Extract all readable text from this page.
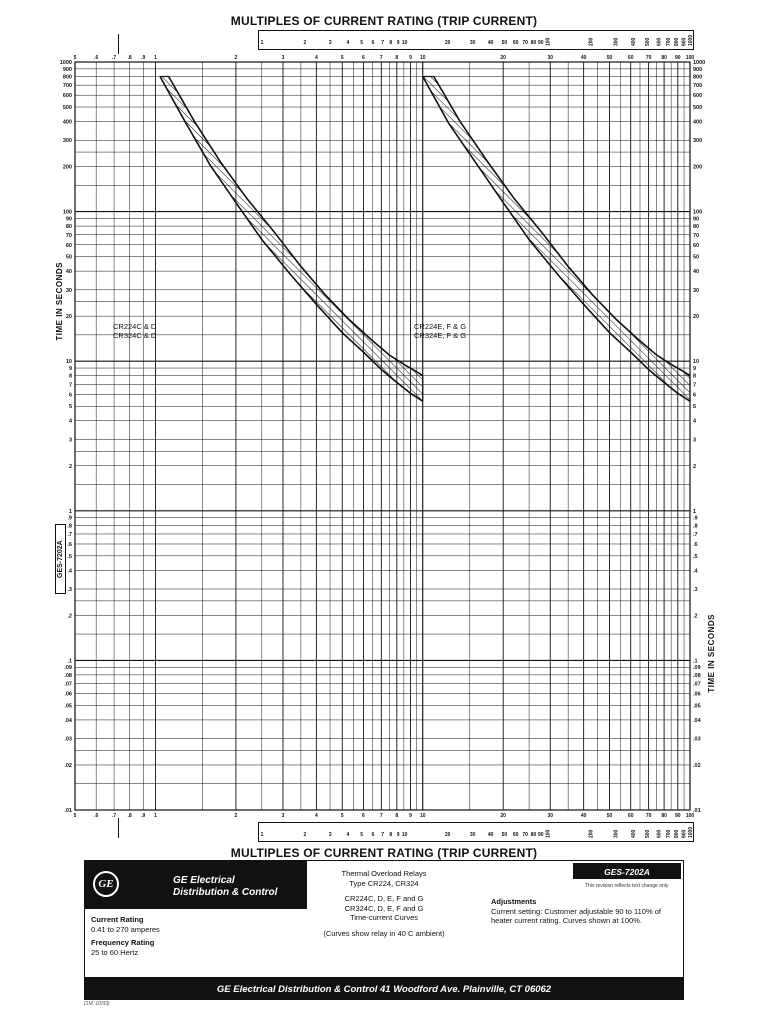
MULTIPLES OF CURRENT RATING (TRIP CURRENT)
1	2	3	4 5 6 7 8 9 10	20	30 40 50 60 70 80 90 100	200	300 400 500 600 700 800 900 1000
1000
900
800
700
600
500
400
300
200
100
90
80
70
60
50
40
30
20
10
9
8
7
6
5
4
3
2
1
.9
.8
.7
.6
.5
.4
.3
.2
.1
.09
.08
.07
.06
.05
.04
.03
.02
.01
1000
900
800
700
600
500
400
300
200
100
90
80
70
60
50
40
30
20
10
9
8
7
6
5
4
3
2
1
.9
.8
.7
.6
.5
.4
.3
.2
.1
.09
.08
.07
.06
.05
.04
.03
.02
.01
5	.6	.7 .8 .9 1	2	3	4	5	6	7	8 9 10	20	30	40	50	60 70 80 90 100
5	.6	.7 .8 .9 1	2	3	4	5	6	7	8 9 10	20	30	40	50	60 70 80 90 100
TIME IN SECONDS
TIME IN SECONDS
GES-7202A
CR224C & D
CR324C & D
CR224E, F & G
CR324E, F & G
1	2	3	4 5 6 7 8 9 10	20	30 40 50 60 70 80 90 100	200	300 400 500 600 700 800 900 1000
MULTIPLES OF CURRENT RATING (TRIP CURRENT)
GE	GE Electrical
Distribution & Control
Current Rating
0.41 to 270 amperes
Frequency Rating
25 to 60 Hertz
Thermal Overload Relays
Type CR224, CR324
CR224C, D, E, F and G
CR324C, D, E, F and G
Time-current Curves
(Curves show relay in 40 C ambient)
GES-7202A
This revision reflects text change only
Adjustments
Current setting: Customer adjustable 90 to 110% of heater current rating. Curves shown at 100%.
GE Electrical Distribution & Control 41 Woodford Ave. Plainville, CT 06062
(1M, 10/93)
